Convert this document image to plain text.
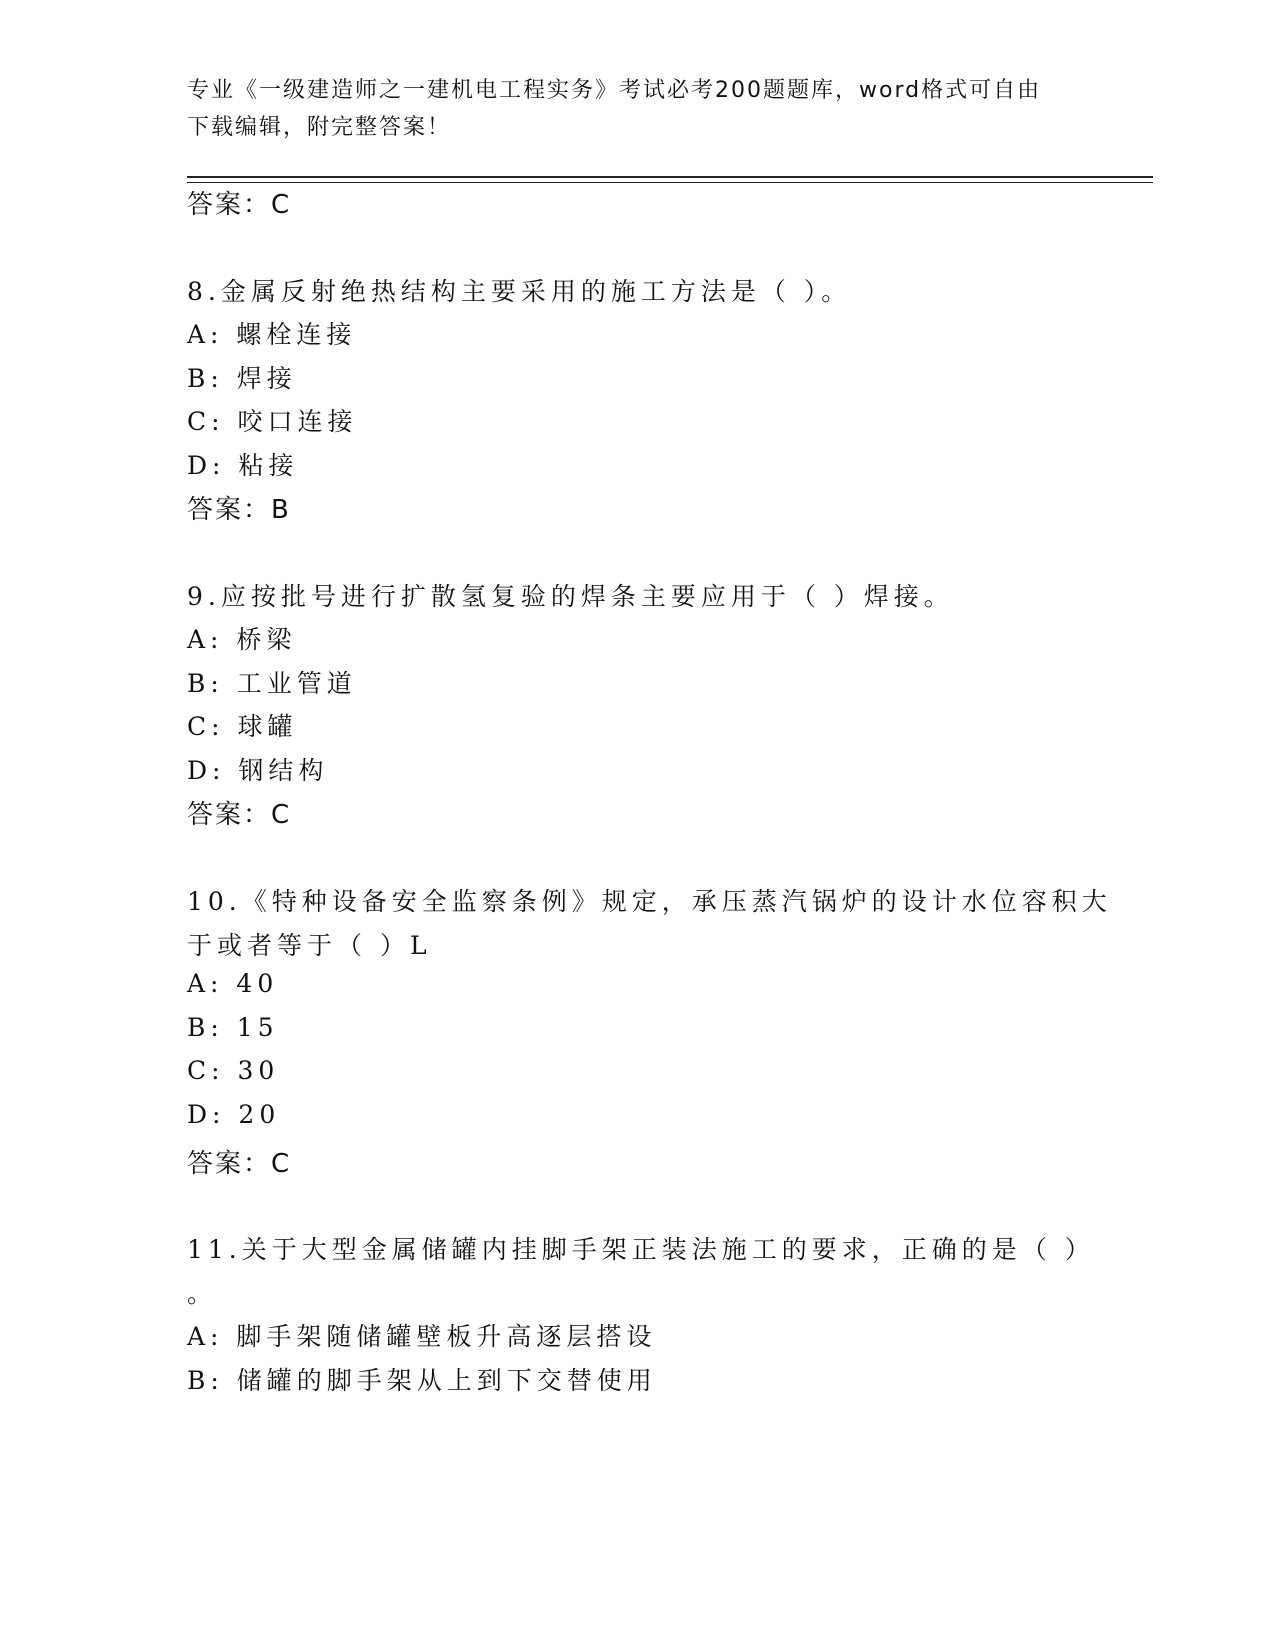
专业《一级建造师之一建机电工程实务》考试必考200题题库，word格式可自由
下载编辑，附完整答案！
答案：C
8.金属反射绝热结构主要采用的施工方法是（ ）。
A: 螺栓连接
B: 焊接
C: 咬口连接
D: 粘接
答案：B
9.应按批号进行扩散氢复验的焊条主要应用于（ ）焊接。
A: 桥梁
B: 工业管道
C: 球罐
D: 钢结构
答案：C
10.《特种设备安全监察条例》规定，承压蒸汽锅炉的设计水位容积大
于或者等于（ ）L
A: 40
B: 15
C: 30
D: 20
答案：C
11.关于大型金属储罐内挂脚手架正装法施工的要求，正确的是（ ）
。
A: 脚手架随储罐壁板升高逐层搭设
B: 储罐的脚手架从上到下交替使用
